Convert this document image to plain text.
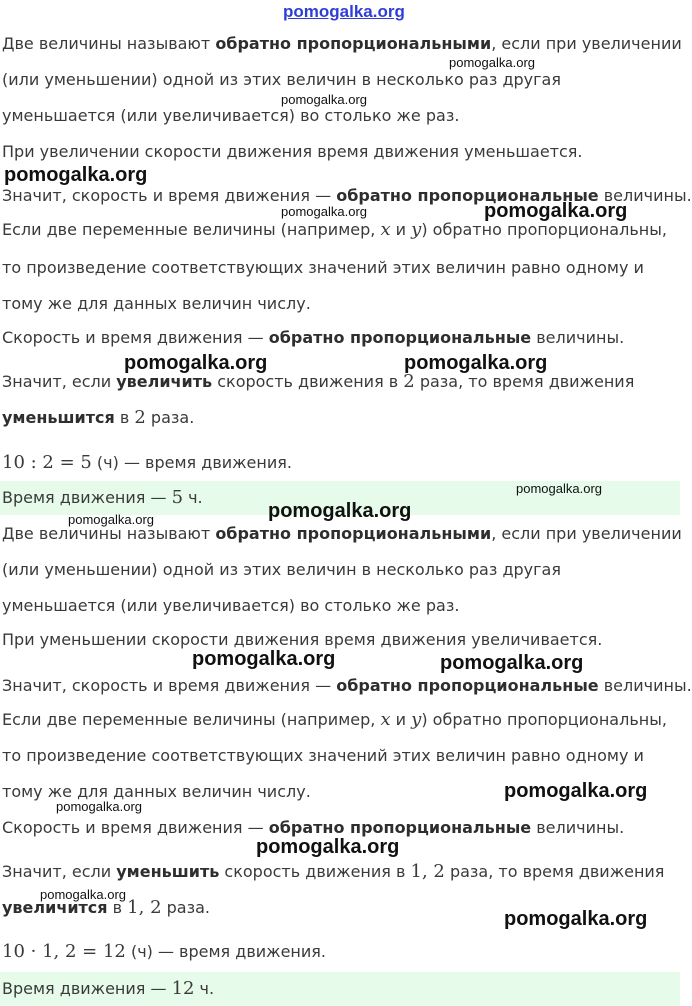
Две величины называют обратно пропорциональными, если при увеличении
(или уменьшении) одной из этих величин в несколько раз другая
уменьшается (или увеличивается) во столько же раз.
При увеличении скорости движения время движения уменьшается.
Значит, скорость и время движения — обратно пропорциональные величины.
Если две переменные величины (например, x и y) обратно пропорциональны,
то произведение соответствующих значений этих величин равно одному и
тому же для данных величин числу.
Скорость и время движения — обратно пропорциональные величины.
Значит, если увеличить скорость движения в 2 раза, то время движения
уменьшится в 2 раза.
10 : 2 = 5 (ч) — время движения.
Время движения — 5 ч.
Две величины называют обратно пропорциональными, если при увеличении
(или уменьшении) одной из этих величин в несколько раз другая
уменьшается (или увеличивается) во столько же раз.
При уменьшении скорости движения время движения увеличивается.
Значит, скорость и время движения — обратно пропорциональные величины.
Если две переменные величины (например, x и y) обратно пропорциональны,
то произведение соответствующих значений этих величин равно одному и
тому же для данных величин числу.
Скорость и время движения — обратно пропорциональные величины.
Значит, если уменьшить скорость движения в 1, 2 раза, то время движения
увеличится в 1, 2 раза.
10 · 1, 2 = 12 (ч) — время движения.
Время движения — 12 ч.
pomogalka.org
pomogalka.org
pomogalka.org
pomogalka.org
pomogalka.org	pomogalka.org
pomogalka.org	pomogalka.org
pomogalka.org
pomogalka.org	pomogalka.org
pomogalka.org	pomogalka.org
pomogalka.org
pomogalka.org
pomogalka.org
pomogalka.org
pomogalka.org
